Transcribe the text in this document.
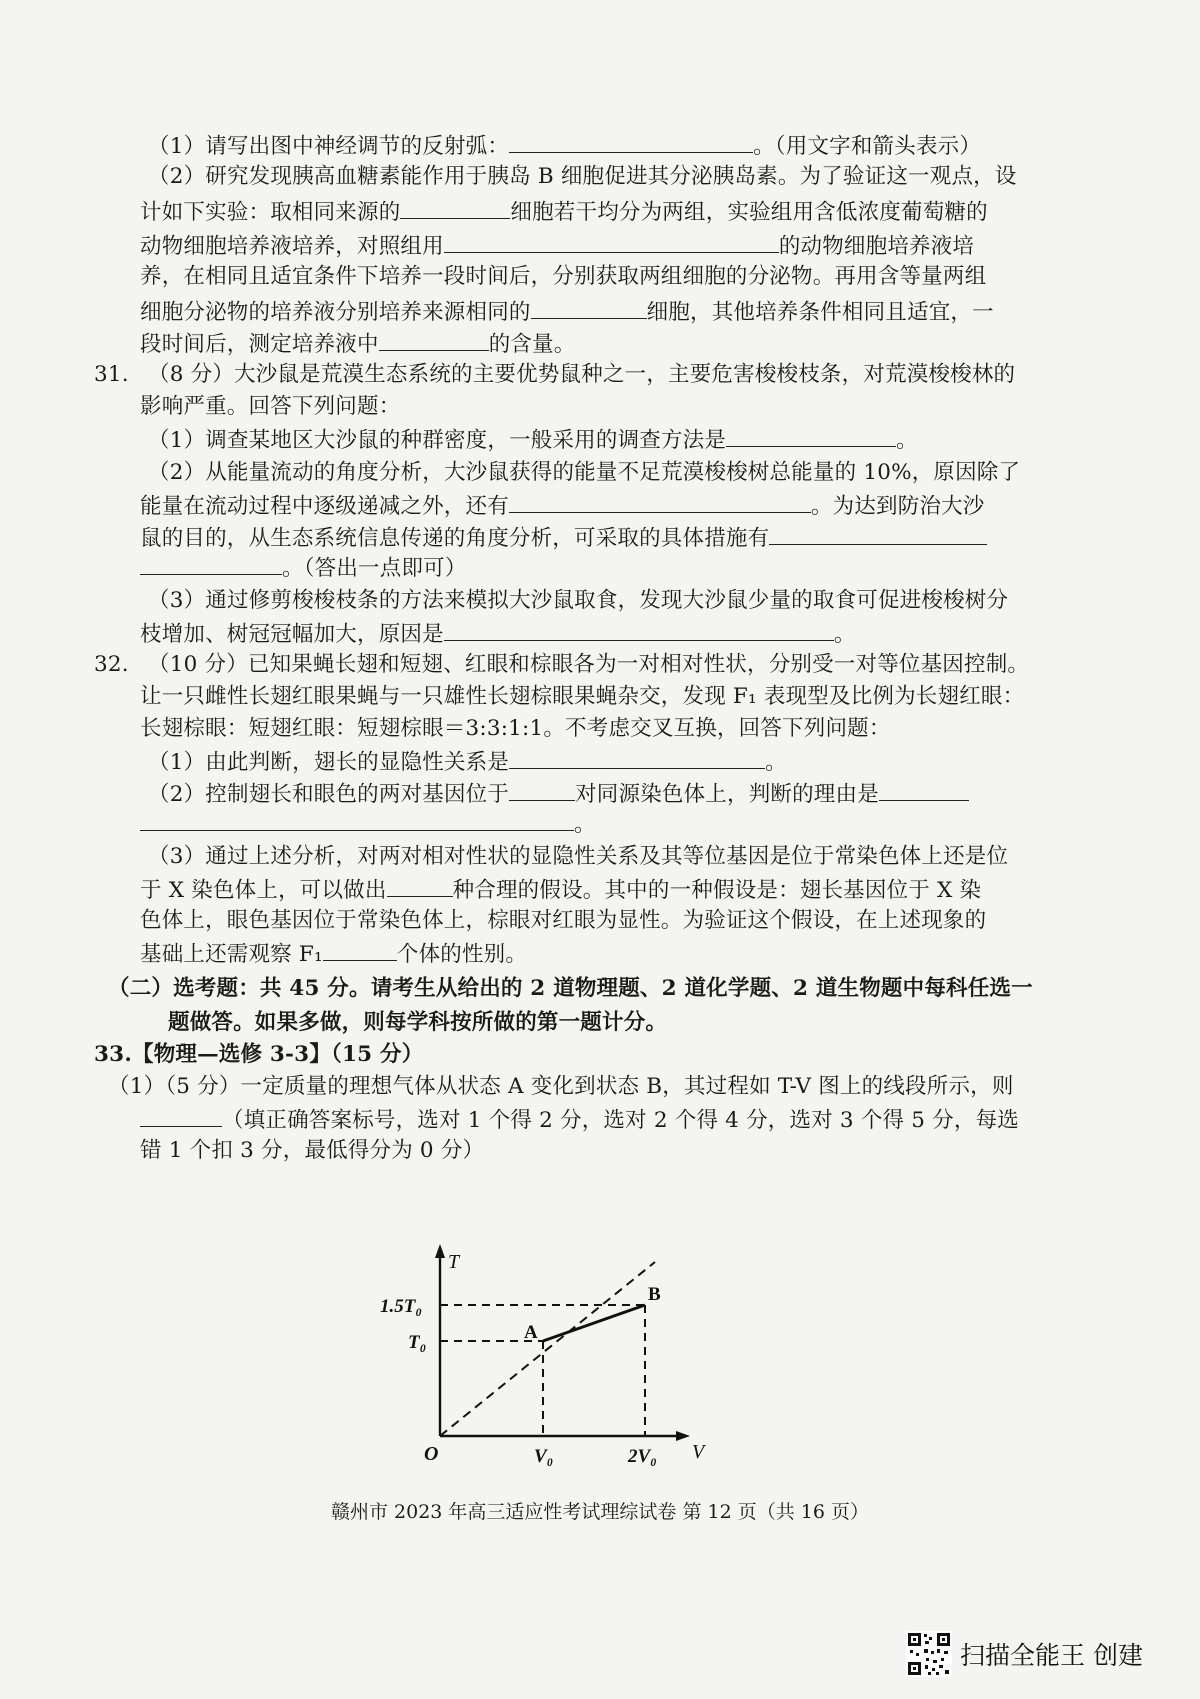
（1）请写出图中神经调节的反射弧：	。（用文字和箭头表示）
（2）研究发现胰高血糖素能作用于胰岛 B 细胞促进其分泌胰岛素。为了验证这一观点，设
计如下实验：取相同来源的	细胞若干均分为两组，实验组用含低浓度葡萄糖的
动物细胞培养液培养，对照组用	的动物细胞培养液培
养，在相同且适宜条件下培养一段时间后，分别获取两组细胞的分泌物。再用含等量两组
细胞分泌物的培养液分别培养来源相同的	细胞，其他培养条件相同且适宜，一
段时间后，测定培养液中	的含量。
31. （8 分）大沙鼠是荒漠生态系统的主要优势鼠种之一，主要危害梭梭枝条，对荒漠梭梭林的
影响严重。回答下列问题：
（1）调查某地区大沙鼠的种群密度，一般采用的调查方法是	。
（2）从能量流动的角度分析，大沙鼠获得的能量不足荒漠梭梭树总能量的 10%，原因除了
能量在流动过程中逐级递减之外，还有	。为达到防治大沙
鼠的目的，从生态系统信息传递的角度分析，可采取的具体措施有
。（答出一点即可）
（3）通过修剪梭梭枝条的方法来模拟大沙鼠取食，发现大沙鼠少量的取食可促进梭梭树分
枝增加、树冠冠幅加大，原因是	。
32. （10 分）已知果蝇长翅和短翅、红眼和棕眼各为一对相对性状，分别受一对等位基因控制。
让一只雌性长翅红眼果蝇与一只雄性长翅棕眼果蝇杂交，发现 F₁ 表现型及比例为长翅红眼：
长翅棕眼：短翅红眼：短翅棕眼＝3:3:1:1。不考虑交叉互换，回答下列问题：
（1）由此判断，翅长的显隐性关系是	。
（2）控制翅长和眼色的两对基因位于	对同源染色体上，判断的理由是
。
（3）通过上述分析，对两对相对性状的显隐性关系及其等位基因是位于常染色体上还是位
于 X 染色体上，可以做出	种合理的假设。其中的一种假设是：翅长基因位于 X 染
色体上，眼色基因位于常染色体上，棕眼对红眼为显性。为验证这个假设，在上述现象的
基础上还需观察 F₁	个体的性别。
（二）选考题：共 45 分。请考生从给出的 2 道物理题、2 道化学题、2 道生物题中每科任选一
题做答。如果多做，则每学科按所做的第一题计分。
33.【物理—选修 3-3】（15 分）
（1）（5 分）一定质量的理想气体从状态 A 变化到状态 B，其过程如 T-V 图上的线段所示，则
（填正确答案标号，选对 1 个得 2 分，选对 2 个得 4 分，选对 3 个得 5 分，每选
错 1 个扣 3 分，最低得分为 0 分）
T
V
O
T₀
1.5T₀
V₀	2V₀
A
B
赣州市 2023 年高三适应性考试理综试卷 第 12 页（共 16 页）
扫描全能王 创建
